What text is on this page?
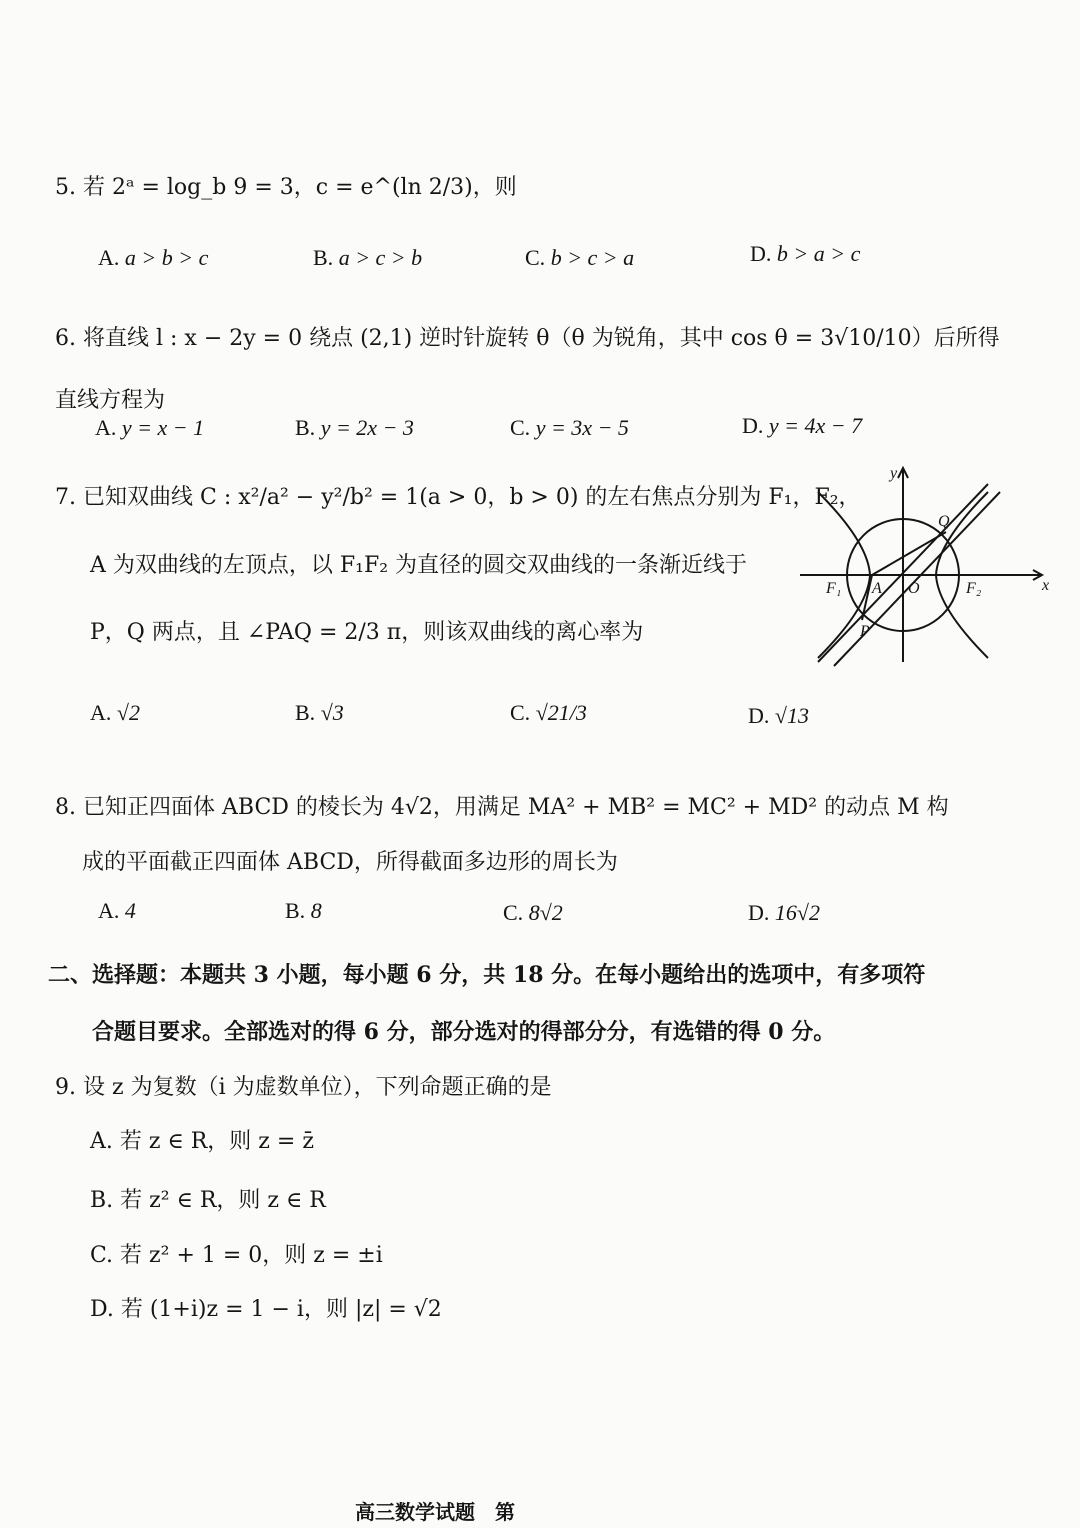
5. 若 2ᵃ = log_b 9 = 3，c = e^(ln 2/3)，则
A. a > b > c	B. a > c > b	C. b > c > a	D. b > a > c
6. 将直线 l : x − 2y = 0 绕点 (2,1) 逆时针旋转 θ（θ 为锐角，其中 cos θ = 3√10/10）后所得直线方程为
A. y = x − 1	B. y = 2x − 3	C. y = 3x − 5	D. y = 4x − 7
7. 已知双曲线 C : x²/a² − y²/b² = 1(a > 0，b > 0) 的左右焦点分别为 F₁，F₂，
A 为双曲线的左顶点，以 F₁F₂ 为直径的圆交双曲线的一条渐近线于
P，Q 两点，且 ∠PAQ = 2/3 π，则该双曲线的离心率为
A. √2	B. √3	C. √21/3	D. √13
y
x
O
A
F₁	F₂
P
Q
8. 已知正四面体 ABCD 的棱长为 4√2，用满足 MA² + MB² = MC² + MD² 的动点 M 构
成的平面截正四面体 ABCD，所得截面多边形的周长为
A. 4	B. 8	C. 8√2	D. 16√2
二、选择题：本题共 3 小题，每小题 6 分，共 18 分。在每小题给出的选项中，有多项符
合题目要求。全部选对的得 6 分，部分选对的得部分分，有选错的得 0 分。
9. 设 z 为复数（i 为虚数单位），下列命题正确的是
A. 若 z ∈ R，则 z = z̄
B. 若 z² ∈ R，则 z ∈ R
C. 若 z² + 1 = 0，则 z = ±i
D. 若 (1+i)z = 1 − i，则 |z| = √2
高三数学试题　第
